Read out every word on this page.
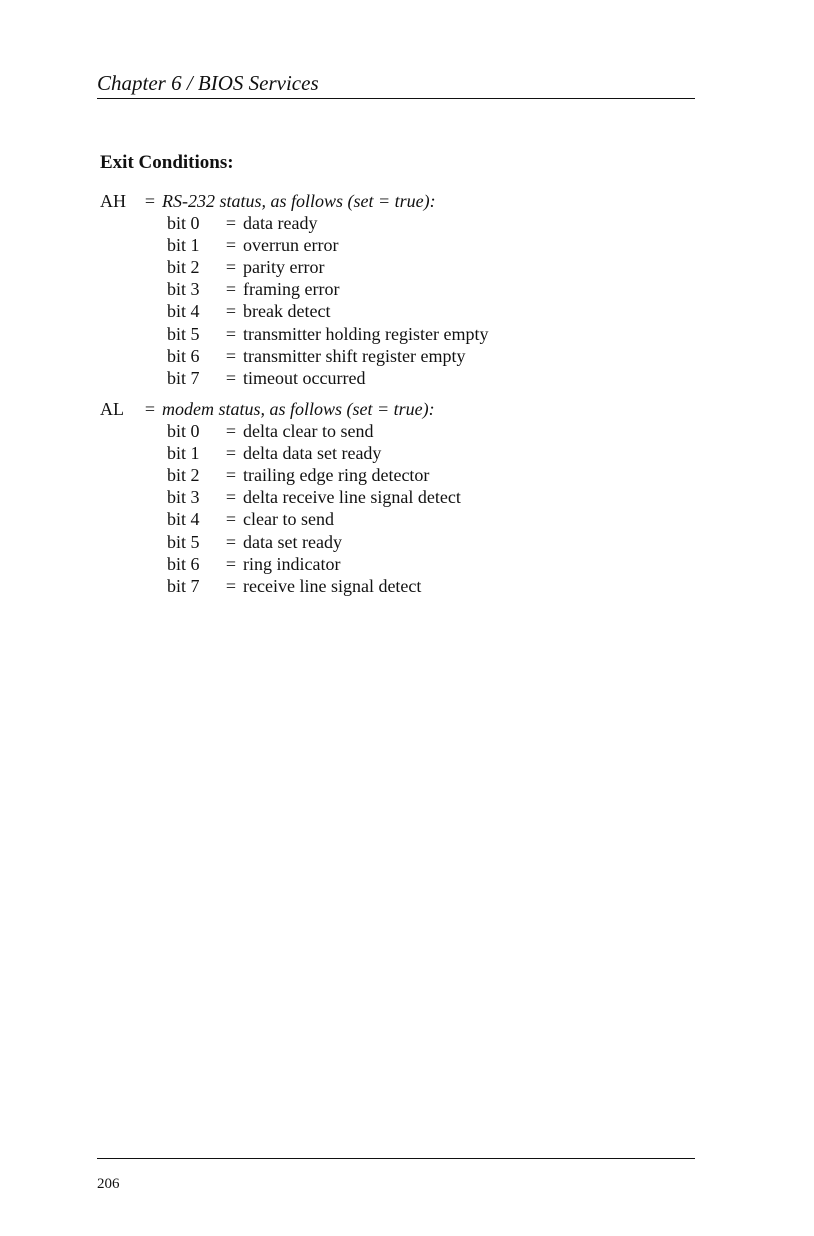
Chapter 6 / BIOS Services
Exit Conditions:
AH = RS-232 status, as follows (set = true):
bit 0 = data ready
bit 1 = overrun error
bit 2 = parity error
bit 3 = framing error
bit 4 = break detect
bit 5 = transmitter holding register empty
bit 6 = transmitter shift register empty
bit 7 = timeout occurred
AL = modem status, as follows (set = true):
bit 0 = delta clear to send
bit 1 = delta data set ready
bit 2 = trailing edge ring detector
bit 3 = delta receive line signal detect
bit 4 = clear to send
bit 5 = data set ready
bit 6 = ring indicator
bit 7 = receive line signal detect
206
